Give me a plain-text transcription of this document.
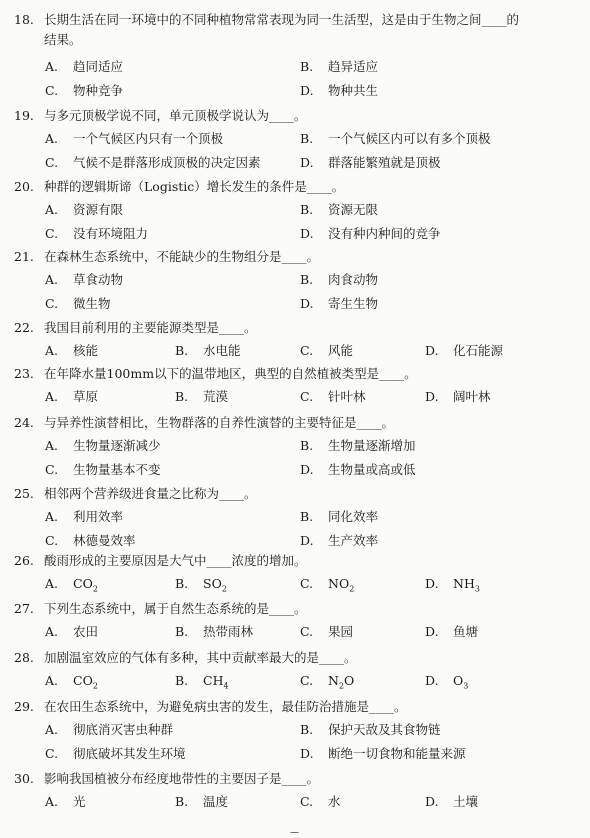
18. 长期生活在同一环境中的不同种植物常常表现为同一生活型，这是由于生物之间____的
结果。
A. 趋同适应	B. 趋异适应
C. 物种竞争	D. 物种共生
19. 与多元顶极学说不同，单元顶极学说认为____。
A. 一个气候区内只有一个顶极	B. 一个气候区内可以有多个顶极
C. 气候不是群落形成顶极的决定因素	D. 群落能繁殖就是顶极
20. 种群的逻辑斯谛（Logistic）增长发生的条件是____。
A. 资源有限	B. 资源无限
C. 没有环境阻力	D. 没有种内种间的竞争
21. 在森林生态系统中，不能缺少的生物组分是____。
A. 草食动物	B. 肉食动物
C. 微生物	D. 寄生生物
22. 我国目前利用的主要能源类型是____。
A. 核能	B. 水电能	C. 风能	D. 化石能源
23. 在年降水量100mm以下的温带地区，典型的自然植被类型是____。
A. 草原	B. 荒漠	C. 针叶林	D. 阔叶林
24. 与异养性演替相比，生物群落的自养性演替的主要特征是____。
A. 生物量逐渐减少	B. 生物量逐渐增加
C. 生物量基本不变	D. 生物量或高或低
25. 相邻两个营养级进食量之比称为____。
A. 利用效率	B. 同化效率
C. 林德曼效率	D. 生产效率
26. 酸雨形成的主要原因是大气中____浓度的增加。
A. $CO_2$	B. $SO_2$	C. $NO_2$	D. $NH_3$
27. 下列生态系统中，属于自然生态系统的是____。
A. 农田	B. 热带雨林	C. 果园	D. 鱼塘
28. 加剧温室效应的气体有多种，其中贡献率最大的是____。
A. $CO_2$	B. $CH_4$	C. $N_2O$	D. $O_3$
29. 在农田生态系统中，为避免病虫害的发生，最佳防治措施是____。
A. 彻底消灭害虫种群	B. 保护天敌及其食物链
C. 彻底破坏其发生环境	D. 断绝一切食物和能量来源
30. 影响我国植被分布经度地带性的主要因子是____。
A. 光	B. 温度	C. 水	D. 土壤
—
